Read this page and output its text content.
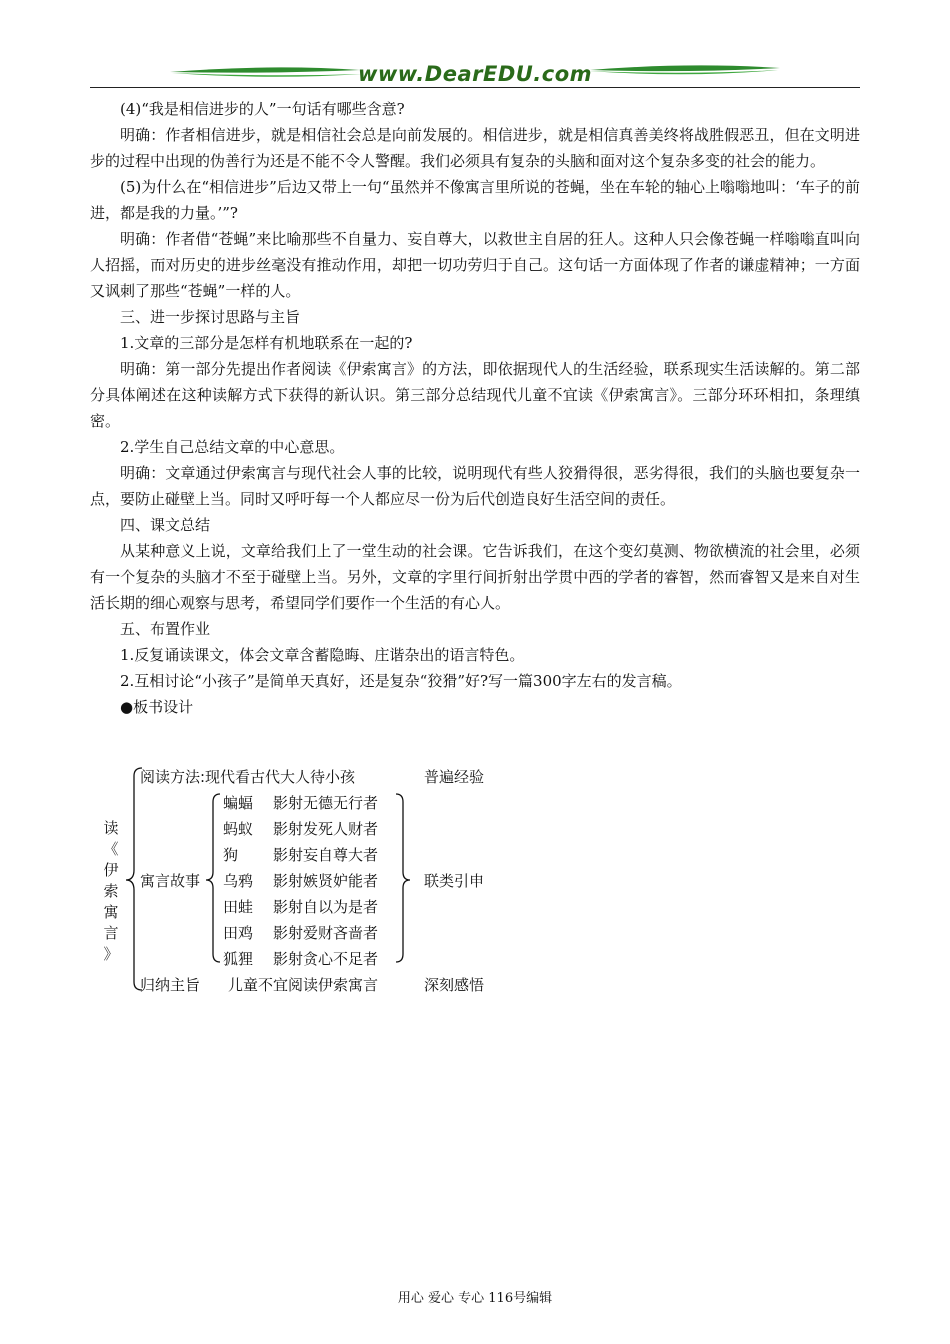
www.DearEDU.com

(4)“我是相信进步的人”一句话有哪些含意?

明确：作者相信进步，就是相信社会总是向前发展的。相信进步，就是相信真善美终将战胜假恶丑，但在文明进步的过程中出现的伪善行为还是不能不令人警醒。我们必须具有复杂的头脑和面对这个复杂多变的社会的能力。

(5)为什么在“相信进步”后边又带上一句“虽然并不像寓言里所说的苍蝇，坐在车轮的轴心上嗡嗡地叫：‘车子的前进，都是我的力量。’”?

明确：作者借“苍蝇”来比喻那些不自量力、妄自尊大，以救世主自居的狂人。这种人只会像苍蝇一样嗡嗡直叫向人招摇，而对历史的进步丝毫没有推动作用，却把一切功劳归于自己。这句话一方面体现了作者的谦虚精神；一方面又讽刺了那些“苍蝇”一样的人。

三、进一步探讨思路与主旨

1.文章的三部分是怎样有机地联系在一起的?

明确：第一部分先提出作者阅读《伊索寓言》的方法，即依据现代人的生活经验，联系现实生活读解的。第二部分具体阐述在这种读解方式下获得的新认识。第三部分总结现代儿童不宜读《伊索寓言》。三部分环环相扣，条理缜密。

2.学生自己总结文章的中心意思。

明确：文章通过伊索寓言与现代社会人事的比较，说明现代有些人狡猾得很，恶劣得很，我们的头脑也要复杂一点，要防止碰壁上当。同时又呼吁每一个人都应尽一份为后代创造良好生活空间的责任。

四、课文总结

从某种意义上说，文章给我们上了一堂生动的社会课。它告诉我们，在这个变幻莫测、物欲横流的社会里，必须有一个复杂的头脑才不至于碰壁上当。另外，文章的字里行间折射出学贯中西的学者的睿智，然而睿智又是来自对生活长期的细心观察与思考，希望同学们要作一个生活的有心人。

五、布置作业

1.反复诵读课文，体会文章含蓄隐晦、庄谐杂出的语言特色。

2.互相讨论“小孩子”是简单天真好，还是复杂“狡猾”好?写一篇300字左右的发言稿。

●板书设计

读
《
伊
索
寓
言
》
阅读方法:现代看古代大人待小孩	普遍经验
寓言故事
蝙蝠 影射无德无行者
蚂蚁 影射发死人财者
狗 影射妄自尊大者
乌鸦 影射嫉贤妒能者
田蛙 影射自以为是者
田鸡 影射爱财吝啬者
狐狸 影射贪心不足者
联类引申
归纳主旨 儿童不宜阅读伊索寓言	深刻感悟
用心 爱心 专心 116号编辑
